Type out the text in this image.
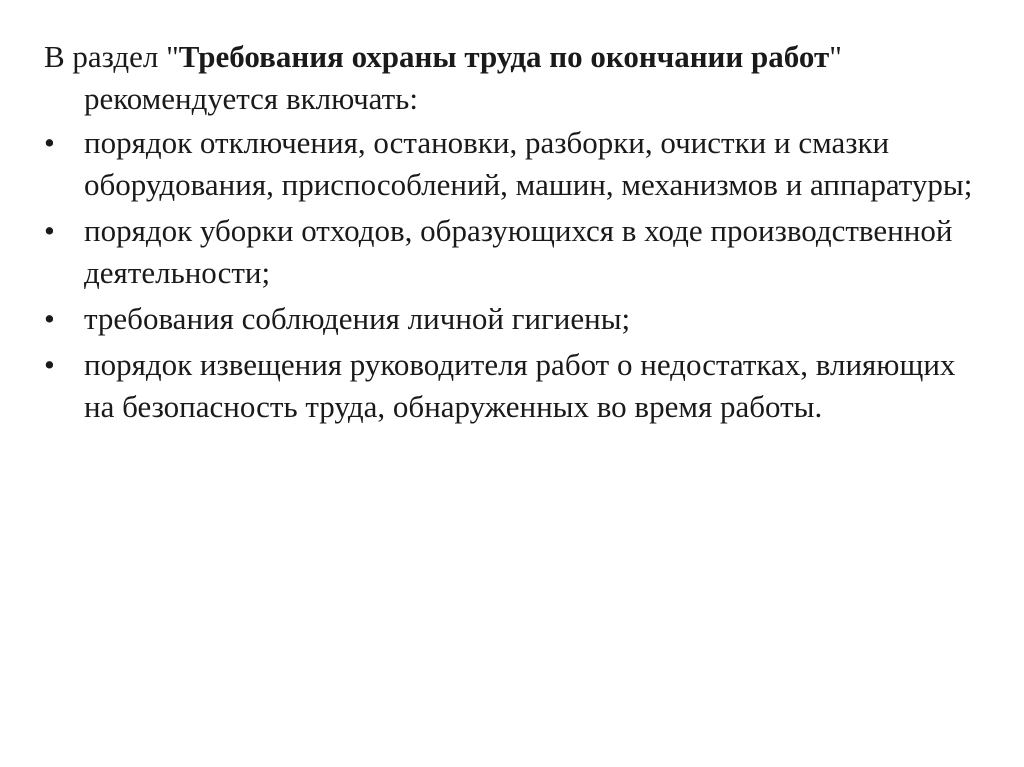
В раздел "Требования охраны труда по окончании работ" рекомендуется включать:

• порядок отключения, остановки, разборки, очистки и смазки оборудования, приспособлений, машин, механизмов и аппаратуры;
• порядок уборки отходов, образующихся в ходе производственной деятельности;
• требования соблюдения личной гигиены;
• порядок извещения руководителя работ о недостатках, влияющих на безопасность труда, обнаруженных во время работы.
